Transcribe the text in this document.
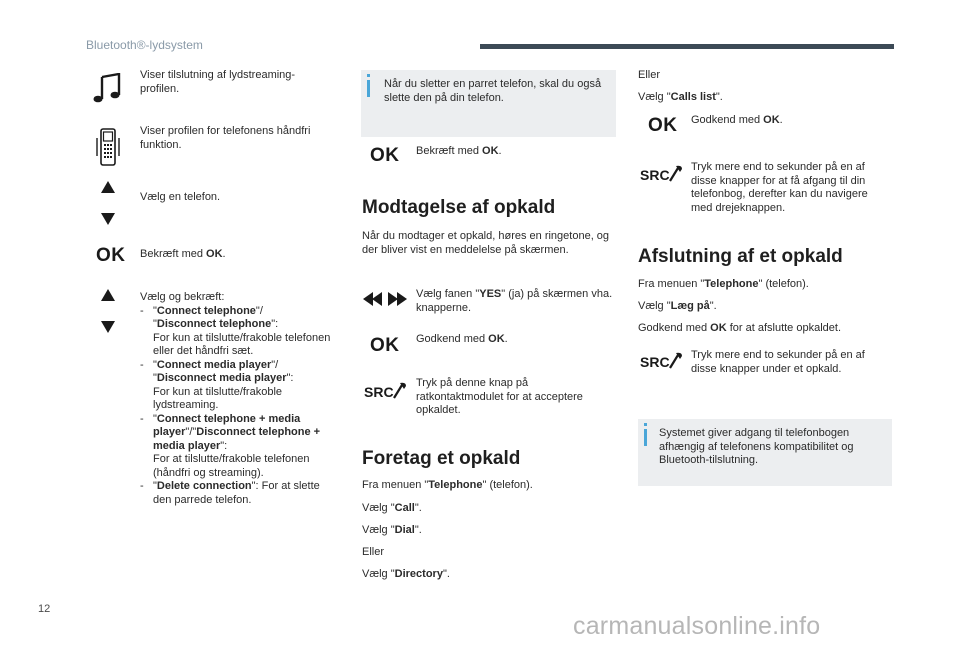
Bluetooth®-lydsystem
Viser tilslutning af lydstreaming-profilen.
Viser profilen for telefonens håndfri funktion.
Vælg en telefon.
OK Bekræft med OK.
Vælg og bekræft:
- "Connect telephone"/
"Disconnect telephone":
For kun at tilslutte/frakoble telefonen eller det håndfri sæt.
- "Connect media player"/
"Disconnect media player":
For kun at tilslutte/frakoble lydstreaming.
- "Connect telephone + media player"/"Disconnect telephone + media player":
For at tilslutte/frakoble telefonen (håndfri og streaming).
- "Delete connection": For at slette den parrede telefon.
Når du sletter en parret telefon, skal du også slette den på din telefon.
OK Bekræft med OK.
Modtagelse af opkald
Når du modtager et opkald, høres en ringetone, og der bliver vist en meddelelse på skærmen.
Vælg fanen "YES" (ja) på skærmen vha. knapperne.
OK Godkend med OK.
SRC
Tryk på denne knap på ratkontaktmodulet for at acceptere opkaldet.
Foretag et opkald
Fra menuen "Telephone" (telefon).
Vælg "Call".
Vælg "Dial".
Eller
Vælg "Directory".
Eller
Vælg "Calls list".
OK Godkend med OK.
SRC Tryk mere end to sekunder på en af disse knapper for at få afgang til din telefonbog, derefter kan du navigere med drejeknappen.
Afslutning af et opkald
Fra menuen "Telephone" (telefon).
Vælg "Læg på".
Godkend med OK for at afslutte opkaldet.
SRC Tryk mere end to sekunder på en af disse knapper under et opkald.
Systemet giver adgang til telefonbogen afhængig af telefonens kompatibilitet og Bluetooth-tilslutning.
12
carmanualsonline.info
